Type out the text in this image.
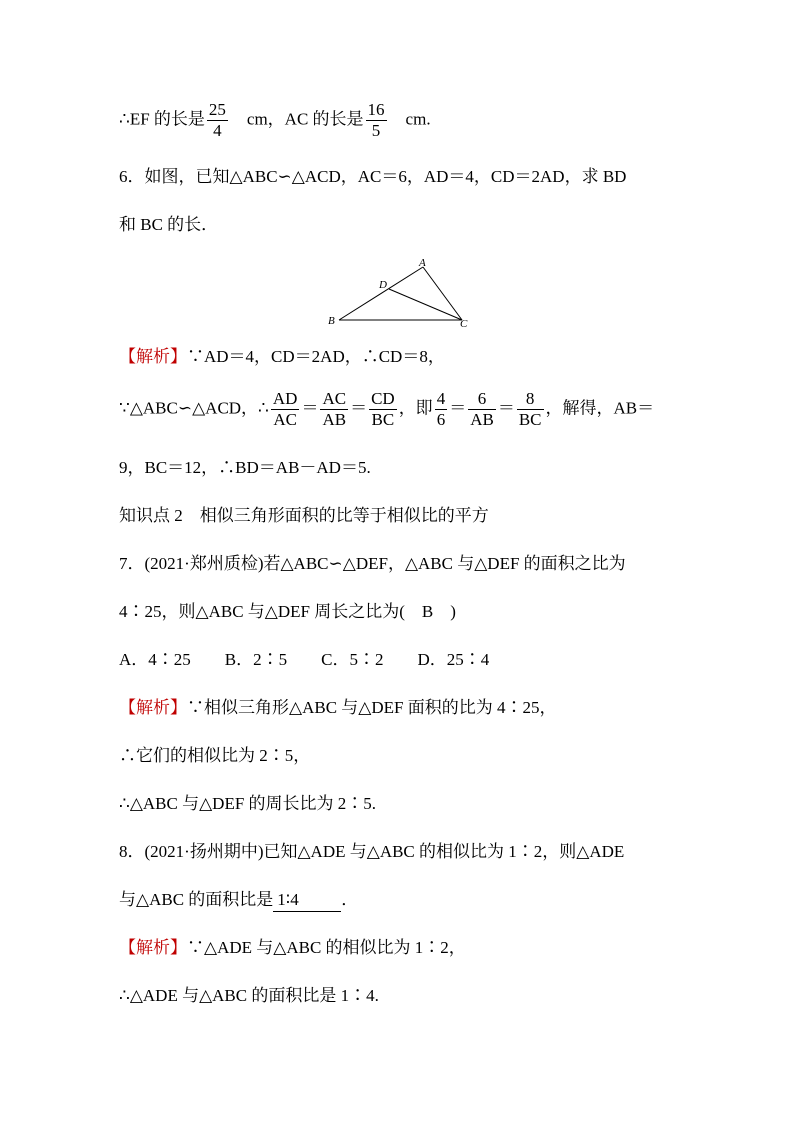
∴EF 的长是 $\frac{25}{4}$ 　cm，AC 的长是 $\frac{16}{5}$ 　cm.
6．如图，已知△ABC∽△ACD，AC＝6，AD＝4，CD＝2AD，求 BD
和 BC 的长．
A
B	C
D
【解析】∵AD＝4，CD＝2AD，∴CD＝8，
∵△ABC∽△ACD，∴ $\frac{AD}{AC} = \frac{AC}{AB} = \frac{CD}{BC}$ ，即 $\frac{4}{6} = \frac{6}{AB} = \frac{8}{BC}$ ，解得，AB＝
9，BC＝12，∴BD＝AB－AD＝5.
知识点 2　相似三角形面积的比等于相似比的平方
7．(2021·郑州质检)若△ABC∽△DEF，△ABC 与△DEF 的面积之比为
4∶25，则△ABC 与△DEF 周长之比为(　B　)
A．4∶25　　B．2∶5　　C．5∶2　　D．25∶4
【解析】∵相似三角形△ABC 与△DEF 面积的比为 4∶25，
∴它们的相似比为 2∶5，
∴△ABC 与△DEF 的周长比为 2∶5.
8．(2021·扬州期中)已知△ADE 与△ABC 的相似比为 1∶2，则△ADE
与△ABC 的面积比是 1∶4	．
【解析】∵△ADE 与△ABC 的相似比为 1∶2，
∴△ADE 与△ABC 的面积比是 1∶4.
